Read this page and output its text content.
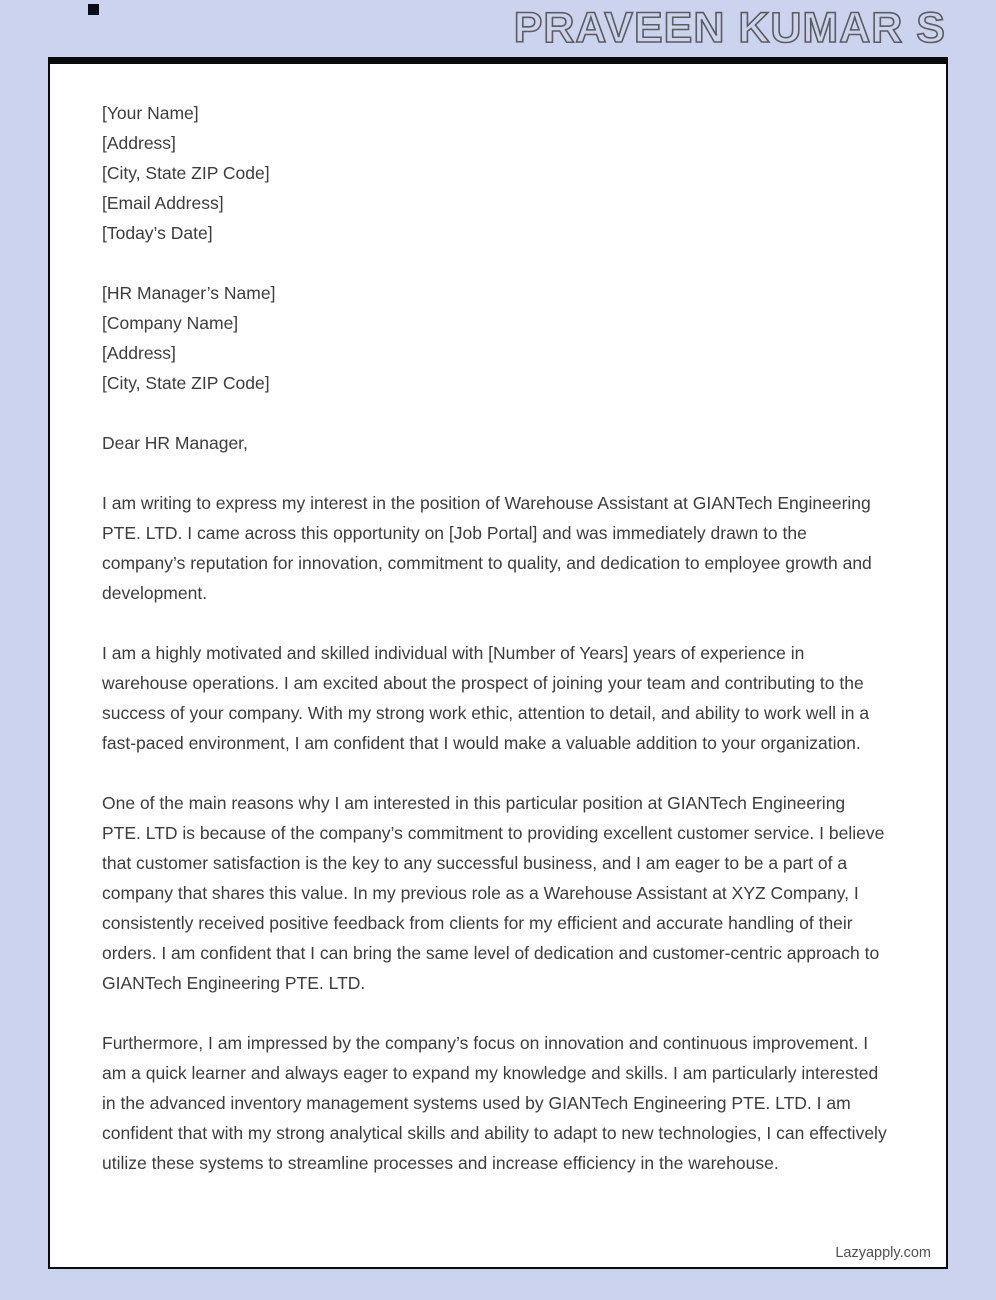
PRAVEEN KUMAR S
[Your Name]
[Address]
[City, State ZIP Code]
[Email Address]
[Today’s Date]
[HR Manager’s Name]
[Company Name]
[Address]
[City, State ZIP Code]

Dear HR Manager,

I am writing to express my interest in the position of Warehouse Assistant at GIANTech Engineering PTE. LTD. I came across this opportunity on [Job Portal] and was immediately drawn to the company’s reputation for innovation, commitment to quality, and dedication to employee growth and development.

I am a highly motivated and skilled individual with [Number of Years] years of experience in warehouse operations. I am excited about the prospect of joining your team and contributing to the success of your company. With my strong work ethic, attention to detail, and ability to work well in a fast-paced environment, I am confident that I would make a valuable addition to your organization.

One of the main reasons why I am interested in this particular position at GIANTech Engineering PTE. LTD is because of the company’s commitment to providing excellent customer service. I believe that customer satisfaction is the key to any successful business, and I am eager to be a part of a company that shares this value. In my previous role as a Warehouse Assistant at XYZ Company, I consistently received positive feedback from clients for my efficient and accurate handling of their orders. I am confident that I can bring the same level of dedication and customer-centric approach to GIANTech Engineering PTE. LTD.

Furthermore, I am impressed by the company’s focus on innovation and continuous improvement. I am a quick learner and always eager to expand my knowledge and skills. I am particularly interested in the advanced inventory management systems used by GIANTech Engineering PTE. LTD. I am confident that with my strong analytical skills and ability to adapt to new technologies, I can effectively utilize these systems to streamline processes and increase efficiency in the warehouse.

Lazyapply.com
